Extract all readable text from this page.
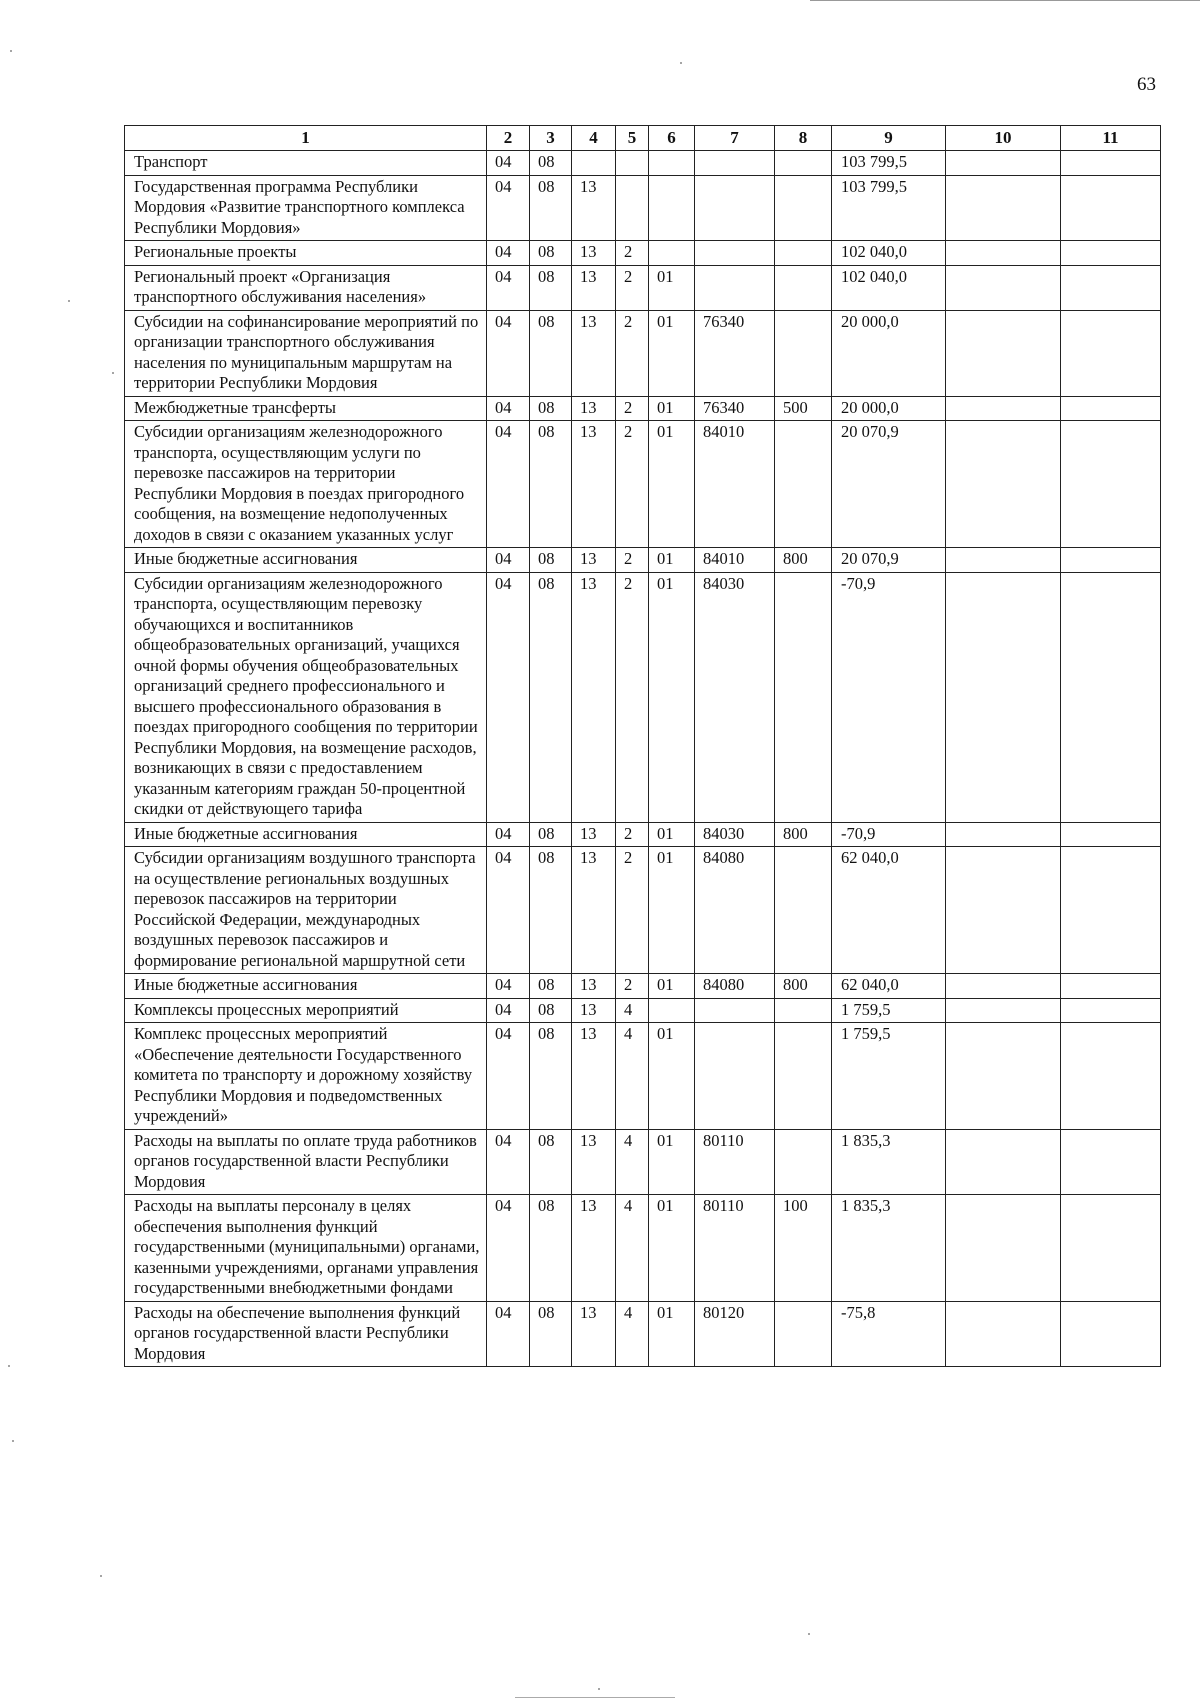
63
1	2	3	4	5	6	7	8	9	10	11
Транспорт	04	08						103 799,5		
Государственная программа Республики Мордовия «Развитие транспортного комплекса Республики Мордовия»	04	08	13					103 799,5		
Региональные проекты	04	08	13	2				102 040,0		
Региональный проект «Организация транспортного обслуживания населения»	04	08	13	2	01			102 040,0		
Субсидии на софинансирование мероприятий по организации транспортного обслуживания населения по муниципальным маршрутам на территории Республики Мордовия	04	08	13	2	01	76340		20 000,0		
Межбюджетные трансферты	04	08	13	2	01	76340	500	20 000,0		
Субсидии организациям железнодорожного транспорта, осуществляющим услуги по перевозке пассажиров на территории Республики Мордовия в поездах пригородного сообщения, на возмещение недополученных доходов в связи с оказанием указанных услуг	04	08	13	2	01	84010		20 070,9		
Иные бюджетные ассигнования	04	08	13	2	01	84010	800	20 070,9		
Субсидии организациям железнодорожного транспорта, осуществляющим перевозку обучающихся и воспитанников общеобразовательных организаций, учащихся очной формы обучения общеобразовательных организаций среднего профессионального и высшего профессионального образования в поездах пригородного сообщения по территории Республики Мордовия, на возмещение расходов, возникающих в связи с предоставлением указанным категориям граждан 50-процентной скидки от действующего тарифа	04	08	13	2	01	84030		-70,9		
Иные бюджетные ассигнования	04	08	13	2	01	84030	800	-70,9		
Субсидии организациям воздушного транспорта на осуществление региональных воздушных перевозок пассажиров на территории Российской Федерации, международных воздушных перевозок пассажиров и формирование региональной маршрутной сети	04	08	13	2	01	84080		62 040,0		
Иные бюджетные ассигнования	04	08	13	2	01	84080	800	62 040,0		
Комплексы процессных мероприятий	04	08	13	4				1 759,5		
Комплекс процессных мероприятий «Обеспечение деятельности Государственного комитета по транспорту и дорожному хозяйству Республики Мордовия и подведомственных учреждений»	04	08	13	4	01			1 759,5		
Расходы на выплаты по оплате труда работников органов государственной власти Республики Мордовия	04	08	13	4	01	80110		1 835,3		
Расходы на выплаты персоналу в целях обеспечения выполнения функций государственными (муниципальными) органами, казенными учреждениями, органами управления государственными внебюджетными фондами	04	08	13	4	01	80110	100	1 835,3		
Расходы на обеспечение выполнения функций органов государственной власти Республики Мордовия	04	08	13	4	01	80120		-75,8		
